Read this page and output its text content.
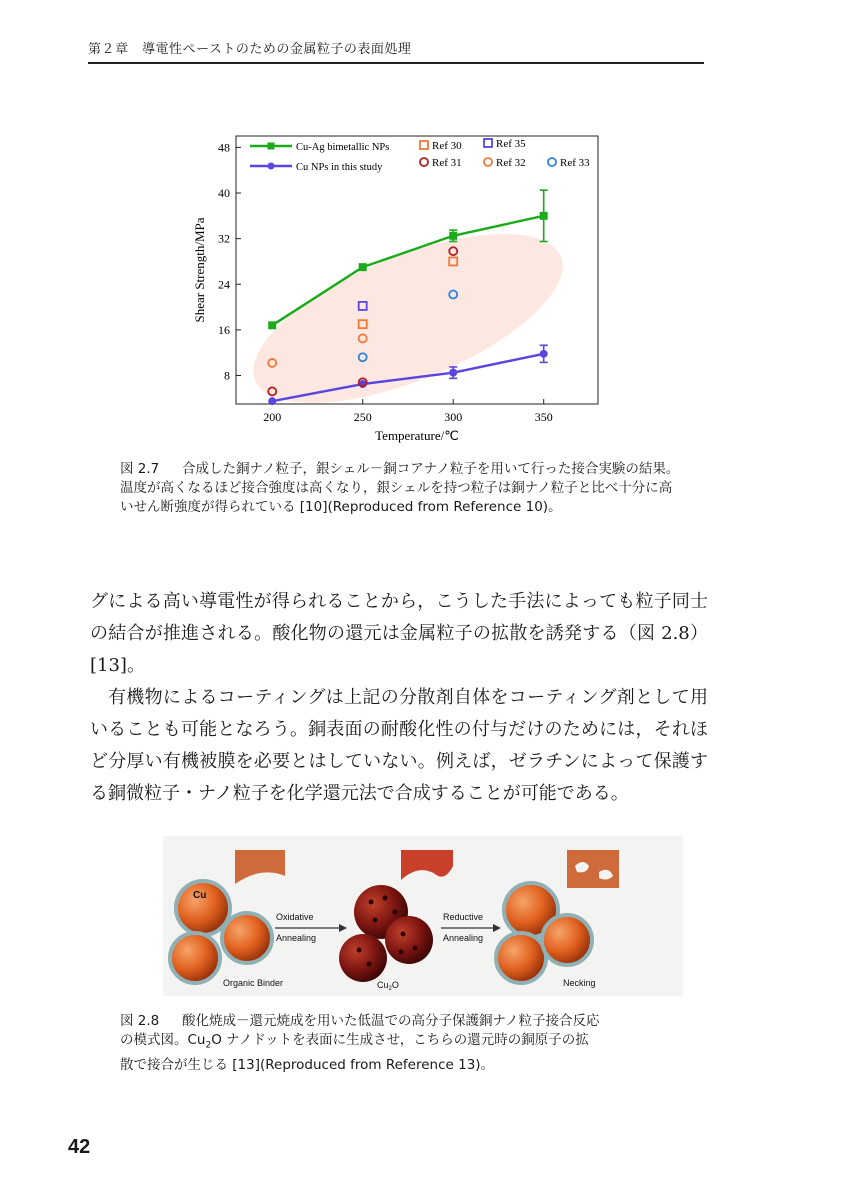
第２章　導電性ペーストのための金属粒子の表面処理
200	250	300	350
8
16
24
32
40
48
Temperature/℃
Shear Strength/MPa
Cu-Ag bimetallic NPs
Cu NPs in this study
Ref 30	Ref 35
Ref 31	Ref 32	Ref 33
図 2.7 合成した銅ナノ粒子，銀シェル－銅コアナノ粒子を用いて行った接合実験の結果。温度が高くなるほど接合強度は高くなり，銀シェルを持つ粒子は銅ナノ粒子と比べ十分に高いせん断強度が得られている [10](Reproduced from Reference 10)。

グによる高い導電性が得られることから，こうした手法によっても粒子同士の結合が推進される。酸化物の還元は金属粒子の拡散を誘発する（図 2.8）[13]。

有機物によるコーティングは上記の分散剤自体をコーティング剤として用いることも可能となろう。銅表面の耐酸化性の付与だけのためには，それほど分厚い有機被膜を必要とはしていない。例えば，ゼラチンによって保護する銅微粒子・ナノ粒子を化学還元法で合成することが可能である。

Cu
Organic Binder
Oxidative
Annealing
$Cu_2O$
Reductive
Annealing
Necking
図 2.8 酸化焼成－還元焼成を用いた低温での高分子保護銅ナノ粒子接合反応
の模式図。$Cu_2O$ ナノドットを表面に生成させ，こちらの還元時の銅原子の拡
散で接合が生じる [13](Reproduced from Reference 13)。
42
